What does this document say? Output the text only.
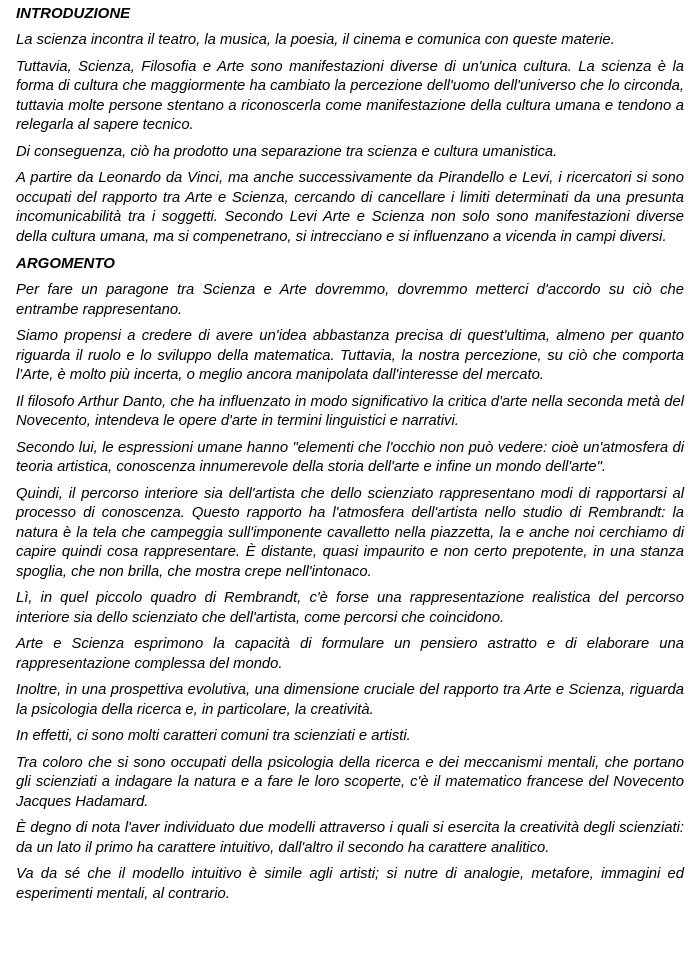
INTRODUZIONE

La scienza incontra il teatro, la musica, la poesia, il cinema e comunica con queste materie.

Tuttavia, Scienza, Filosofia e Arte sono manifestazioni diverse di un'unica cultura. La scienza è la forma di cultura che maggiormente ha cambiato la percezione dell'uomo dell'universo che lo circonda, tuttavia molte persone stentano a riconoscerla come manifestazione della cultura umana e tendono a relegarla al sapere tecnico.

Di conseguenza, ciò ha prodotto una separazione tra scienza e cultura umanistica.

A partire da Leonardo da Vinci, ma anche successivamente da Pirandello e Levi, i ricercatori si sono occupati del rapporto tra Arte e Scienza, cercando di cancellare i limiti determinati da una presunta incomunicabilità tra i soggetti. Secondo Levi Arte e Scienza non solo sono manifestazioni diverse della cultura umana, ma si compenetrano, si intrecciano e si influenzano a vicenda in campi diversi.

ARGOMENTO

Per fare un paragone tra Scienza e Arte dovremmo, dovremmo metterci d'accordo su ciò che entrambe rappresentano.

Siamo propensi a credere di avere un'idea abbastanza precisa di quest'ultima, almeno per quanto riguarda il ruolo e lo sviluppo della matematica. Tuttavia, la nostra percezione, su ciò che comporta l'Arte, è molto più incerta, o meglio ancora manipolata dall'interesse del mercato.

Il filosofo Arthur Danto, che ha influenzato in modo significativo la critica d'arte nella seconda metà del Novecento, intendeva le opere d'arte in termini linguistici e narrativi.

Secondo lui, le espressioni umane hanno "elementi che l'occhio non può vedere: cioè un'atmosfera di teoria artistica, conoscenza innumerevole della storia dell'arte e infine un mondo dell'arte".

Quindi, il percorso interiore sia dell'artista che dello scienziato rappresentano modi di rapportarsi al processo di conoscenza. Questo rapporto ha l'atmosfera dell'artista nello studio di Rembrandt: la natura è la tela che campeggia sull'imponente cavalletto nella piazzetta, la e anche noi cerchiamo di capire quindi cosa rappresentare. È distante, quasi impaurito e non certo prepotente, in una stanza spoglia, che non brilla, che mostra crepe nell'intonaco.

Lì, in quel piccolo quadro di Rembrandt, c'è forse una rappresentazione realistica del percorso interiore sia dello scienziato che dell'artista, come percorsi che coincidono.

Arte e Scienza esprimono la capacità di formulare un pensiero astratto e di elaborare una rappresentazione complessa del mondo.

Inoltre, in una prospettiva evolutiva, una dimensione cruciale del rapporto tra Arte e Scienza, riguarda la psicologia della ricerca e, in particolare, la creatività.

In effetti, ci sono molti caratteri comuni tra scienziati e artisti.

Tra coloro che si sono occupati della psicologia della ricerca e dei meccanismi mentali, che portano gli scienziati a indagare la natura e a fare le loro scoperte, c'è il matematico francese del Novecento Jacques Hadamard.

È degno di nota l'aver individuato due modelli attraverso i quali si esercita la creatività degli scienziati: da un lato il primo ha carattere intuitivo, dall'altro il secondo ha carattere analitico.

Va da sé che il modello intuitivo è simile agli artisti; si nutre di analogie, metafore, immagini ed esperimenti mentali, al contrario.
